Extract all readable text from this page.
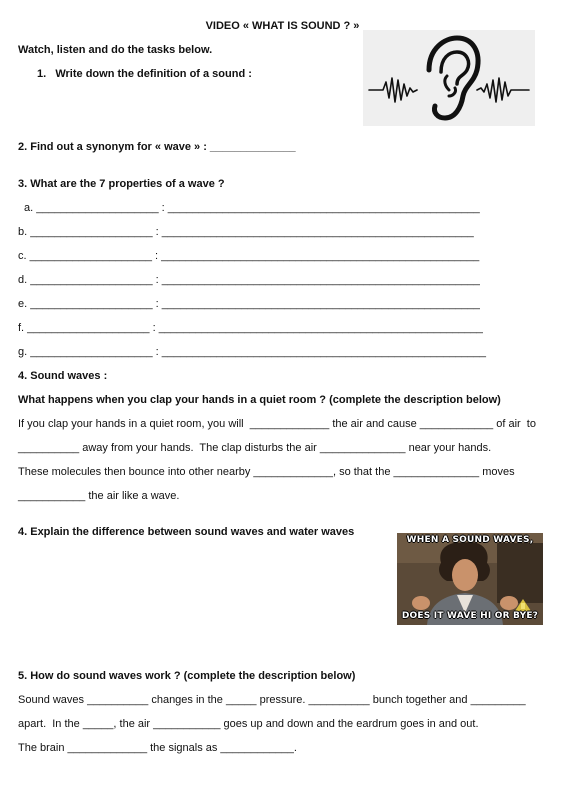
VIDEO « WHAT IS SOUND ? »
Watch, listen and do the tasks below.
1.   Write down the definition of a sound :
2. Find out a synonym for « wave » : ______________
3. What are the 7 properties of a wave ?
a. ____________________ : ___________________________________________________
b. ____________________ : ___________________________________________________
c. ____________________ : ____________________________________________________
d. ____________________ : ____________________________________________________
e. ____________________ : ____________________________________________________
f. ____________________ : _____________________________________________________
g. ____________________ : _____________________________________________________
4. Sound waves :
What happens when you clap your hands in a quiet room ? (complete the description below)
If you clap your hands in a quiet room, you will  _____________ the air and cause ____________ of air  to
__________ away from your hands.  The clap disturbs the air ______________ near your hands.
These molecules then bounce into other nearby _____________, so that the ______________ moves
___________ the air like a wave.
4. Explain the difference between sound waves and water waves
WHEN A SOUND WAVES,
DOES IT WAVE HI OR BYE?
5. How do sound waves work ? (complete the description below)
Sound waves __________ changes in the _____ pressure. __________ bunch together and _________
apart.  In the _____, the air ___________ goes up and down and the eardrum goes in and out.
The brain _____________ the signals as ____________.
